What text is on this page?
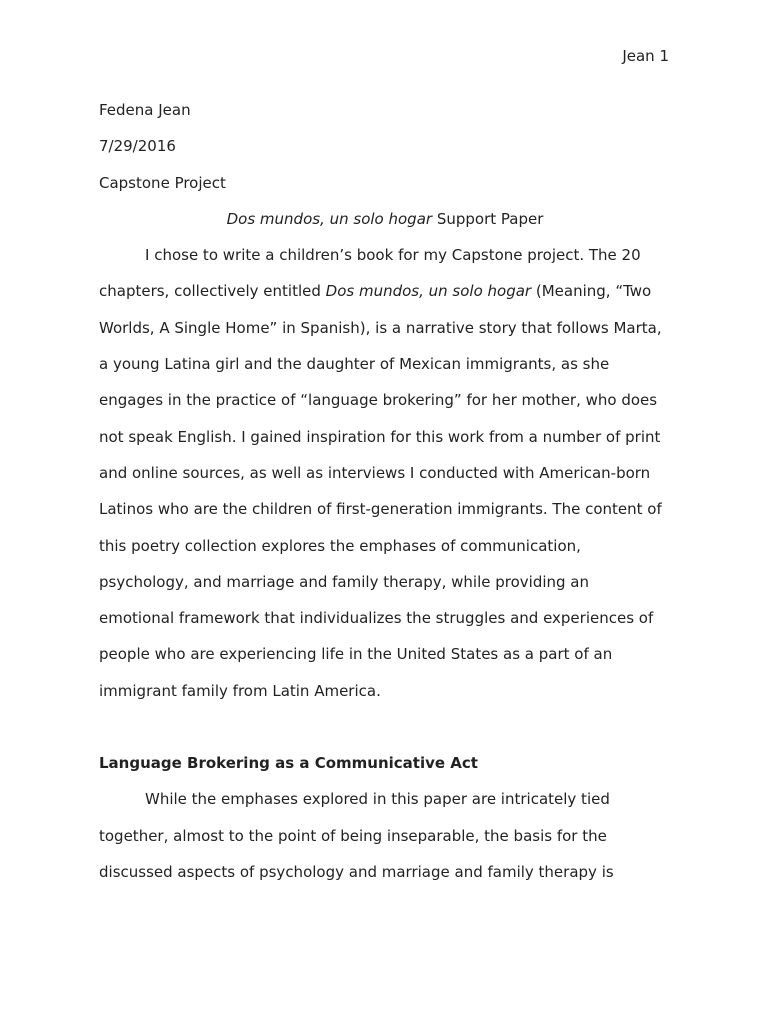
Jean 1

Fedena Jean

7/29/2016

Capstone Project

Dos mundos, un solo hogar Support Paper

I chose to write a children’s book for my Capstone project. The 20

chapters, collectively entitled Dos mundos, un solo hogar (Meaning, “Two

Worlds, A Single Home” in Spanish), is a narrative story that follows Marta,

a young Latina girl and the daughter of Mexican immigrants, as she

engages in the practice of “language brokering” for her mother, who does

not speak English. I gained inspiration for this work from a number of print

and online sources, as well as interviews I conducted with American-born

Latinos who are the children of first-generation immigrants. The content of

this poetry collection explores the emphases of communication,

psychology, and marriage and family therapy, while providing an

emotional framework that individualizes the struggles and experiences of

people who are experiencing life in the United States as a part of an

immigrant family from Latin America.

Language Brokering as a Communicative Act

While the emphases explored in this paper are intricately tied

together, almost to the point of being inseparable, the basis for the

discussed aspects of psychology and marriage and family therapy is
